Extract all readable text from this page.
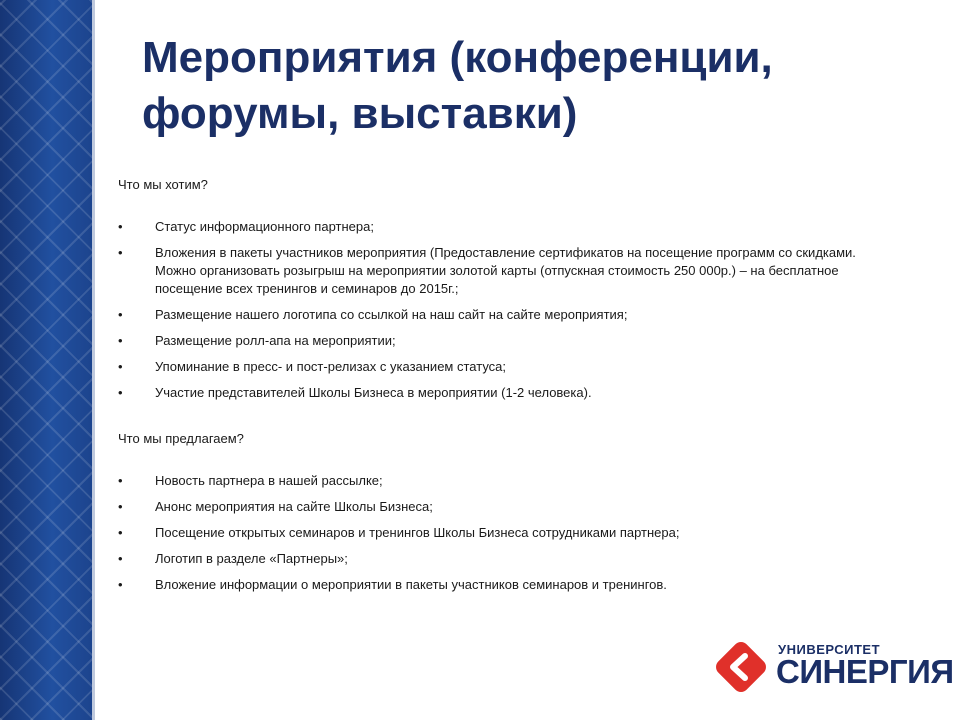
Мероприятия (конференции, форумы, выставки)

Что мы хотим?

•	Статус информационного партнера;
•	Вложения в пакеты участников мероприятия (Предоставление сертификатов на посещение программ со скидками. Можно организовать розыгрыш на мероприятии золотой карты (отпускная стоимость 250 000р.) – на бесплатное посещение всех тренингов и семинаров до 2015г.;
•	Размещение нашего логотипа со ссылкой на наш сайт на сайте мероприятия;
•	Размещение ролл-апа на мероприятии;
•	Упоминание в пресс- и пост-релизах с указанием статуса;
•	Участие представителей Школы Бизнеса в мероприятии (1-2 человека).

Что мы предлагаем?

•	Новость партнера в нашей рассылке;
•	Анонс мероприятия на сайте Школы Бизнеса;
•	Посещение открытых семинаров и тренингов Школы Бизнеса сотрудниками партнера;
•	Логотип в разделе «Партнеры»;
•	Вложение информации о мероприятии в пакеты участников семинаров и тренингов.
УНИВЕРСИТЕТ
СИНЕРГИЯ
